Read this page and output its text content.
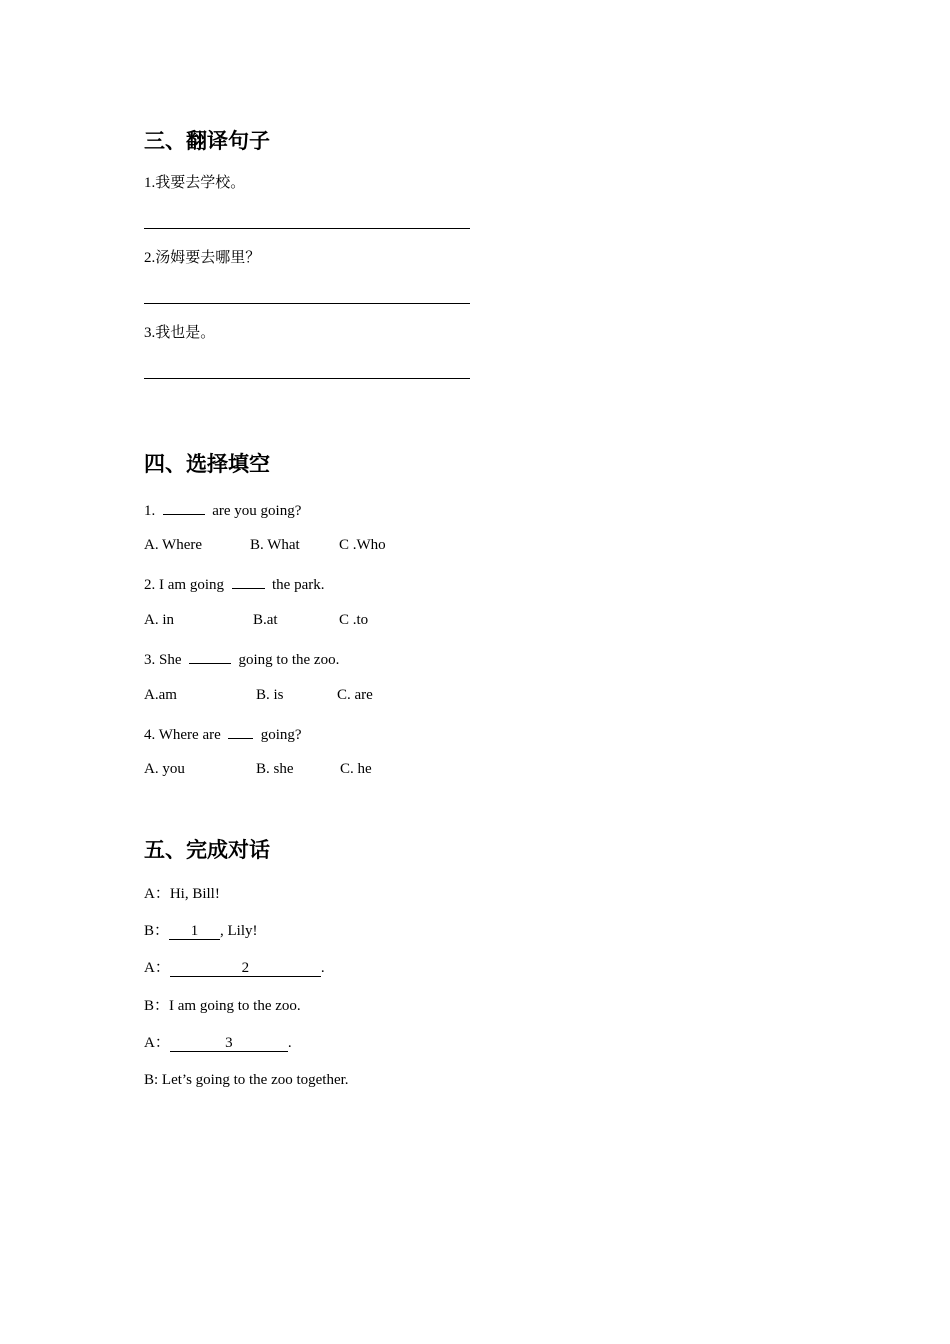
三、翻译句子
1.我要去学校。
2.汤姆要去哪里？
3.我也是。
四、选择填空
1.	are you going?
A. Where	B. What	C .Who
2. I am going	the park.
A. in	B.at	C .to
3. She	going to the zoo.
A.am	B. is	C. are
4. Where are	going?
A. you	B. she	C. he
五、完成对话
A：Hi, Bill!
B： 1 , Lily!
A：	2	.
B：I am going to the zoo.
A：	3	.
B: Let’s going to the zoo together.
